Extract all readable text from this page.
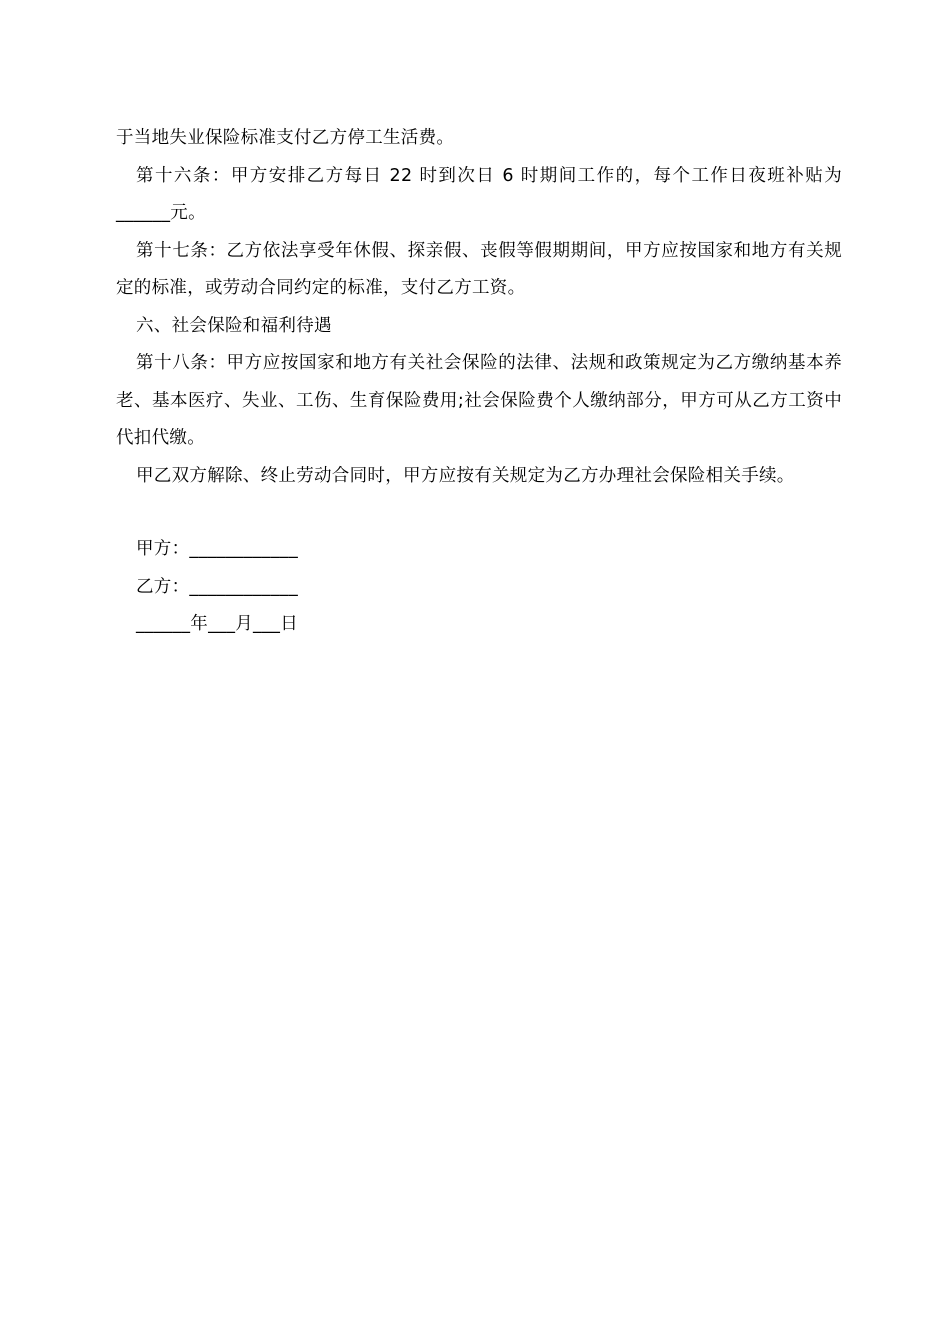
于当地失业保险标准支付乙方停工生活费。

第十六条：甲方安排乙方每日 22 时到次日 6 时期间工作的，每个工作日夜班补贴为______元。

第十七条：乙方依法享受年休假、探亲假、丧假等假期期间，甲方应按国家和地方有关规定的标准，或劳动合同约定的标准，支付乙方工资。

六、社会保险和福利待遇

第十八条：甲方应按国家和地方有关社会保险的法律、法规和政策规定为乙方缴纳基本养老、基本医疗、失业、工伤、生育保险费用;社会保险费个人缴纳部分，甲方可从乙方工资中代扣代缴。

甲乙双方解除、终止劳动合同时，甲方应按有关规定为乙方办理社会保险相关手续。

甲方：____________

乙方：____________

______年___月___日
